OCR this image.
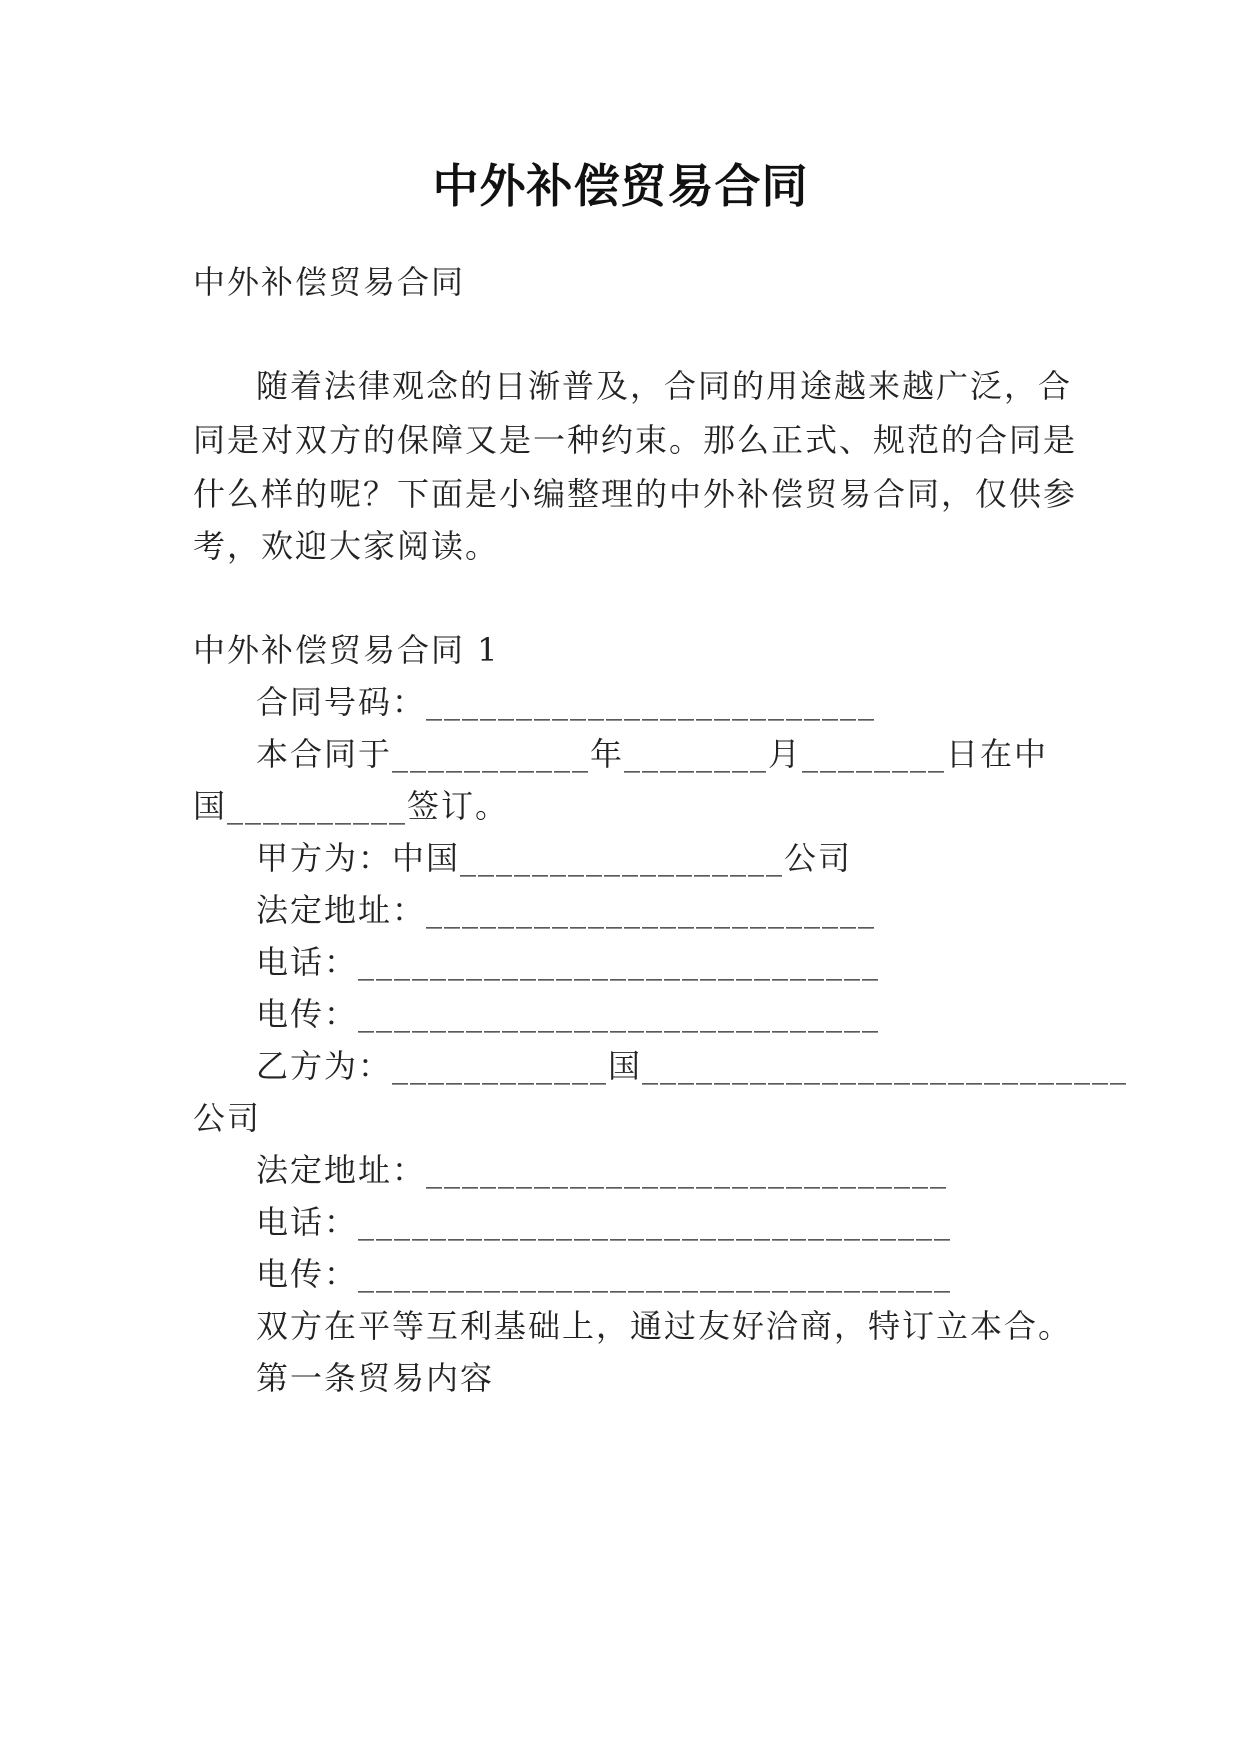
中外补偿贸易合同

中外补偿贸易合同

随着法律观念的日渐普及，合同的用途越来越广泛，合

同是对双方的保障又是一种约束。那么正式、规范的合同是

什么样的呢？下面是小编整理的中外补偿贸易合同，仅供参

考，欢迎大家阅读。

中外补偿贸易合同 1

合同号码：_________________________

本合同于___________年________月________日在中

国__________签订。

甲方为：中国__________________公司

法定地址：_________________________

电话：_____________________________

电传：_____________________________

乙方为：____________国___________________________

公司

法定地址：_____________________________

电话：_________________________________

电传：_________________________________

双方在平等互利基础上，通过友好洽商，特订立本合。

第一条贸易内容
